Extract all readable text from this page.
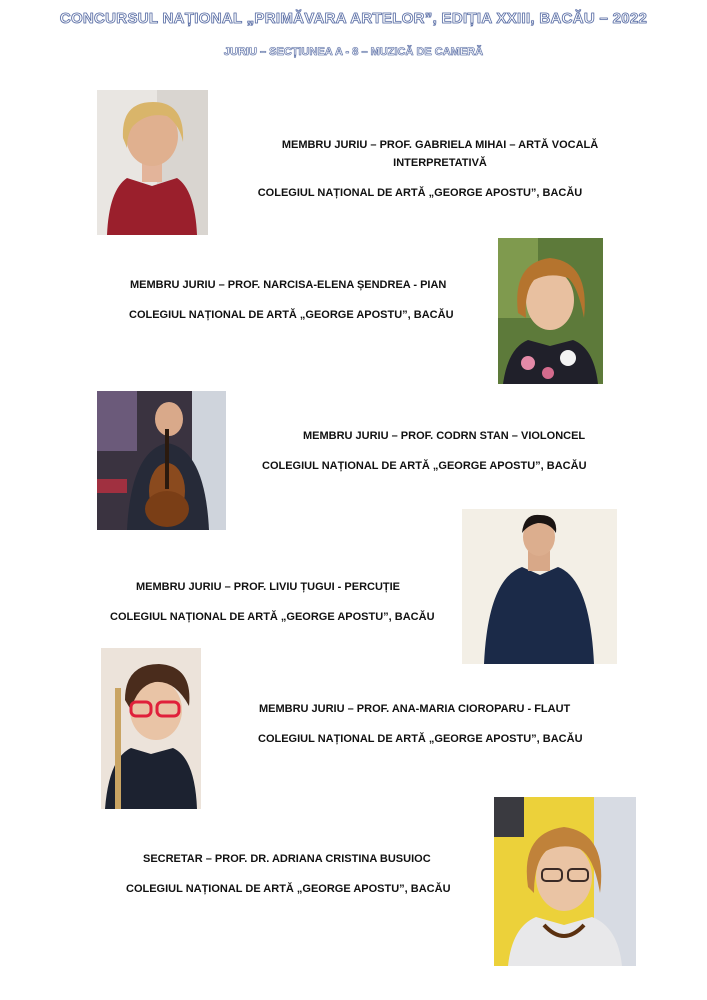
CONCURSUL NAȚIONAL „PRIMĂVARA ARTELOR”, EDIȚIA XXIII, BACĂU – 2022
JURIU – SECȚIUNEA A - 8 – MUZICĂ DE CAMERĂ
MEMBRU JURIU – PROF. GABRIELA MIHAI – ARTĂ VOCALĂ
INTERPRETATIVĂ
COLEGIUL NAȚIONAL DE ARTĂ „GEORGE APOSTU”, BACĂU
MEMBRU JURIU – PROF. NARCISA-ELENA ȘENDREA - PIAN
COLEGIUL NAȚIONAL DE ARTĂ „GEORGE APOSTU”, BACĂU
MEMBRU JURIU – PROF. CODRN STAN – VIOLONCEL
COLEGIUL NAȚIONAL DE ARTĂ „GEORGE APOSTU”, BACĂU
MEMBRU JURIU – PROF. LIVIU ȚUGUI - PERCUȚIE
COLEGIUL NAȚIONAL DE ARTĂ „GEORGE APOSTU”, BACĂU
MEMBRU JURIU – PROF. ANA-MARIA CIOROPARU - FLAUT
COLEGIUL NAȚIONAL DE ARTĂ „GEORGE APOSTU”, BACĂU
SECRETAR – PROF. DR. ADRIANA CRISTINA BUSUIOC
COLEGIUL NAȚIONAL DE ARTĂ „GEORGE APOSTU”, BACĂU
